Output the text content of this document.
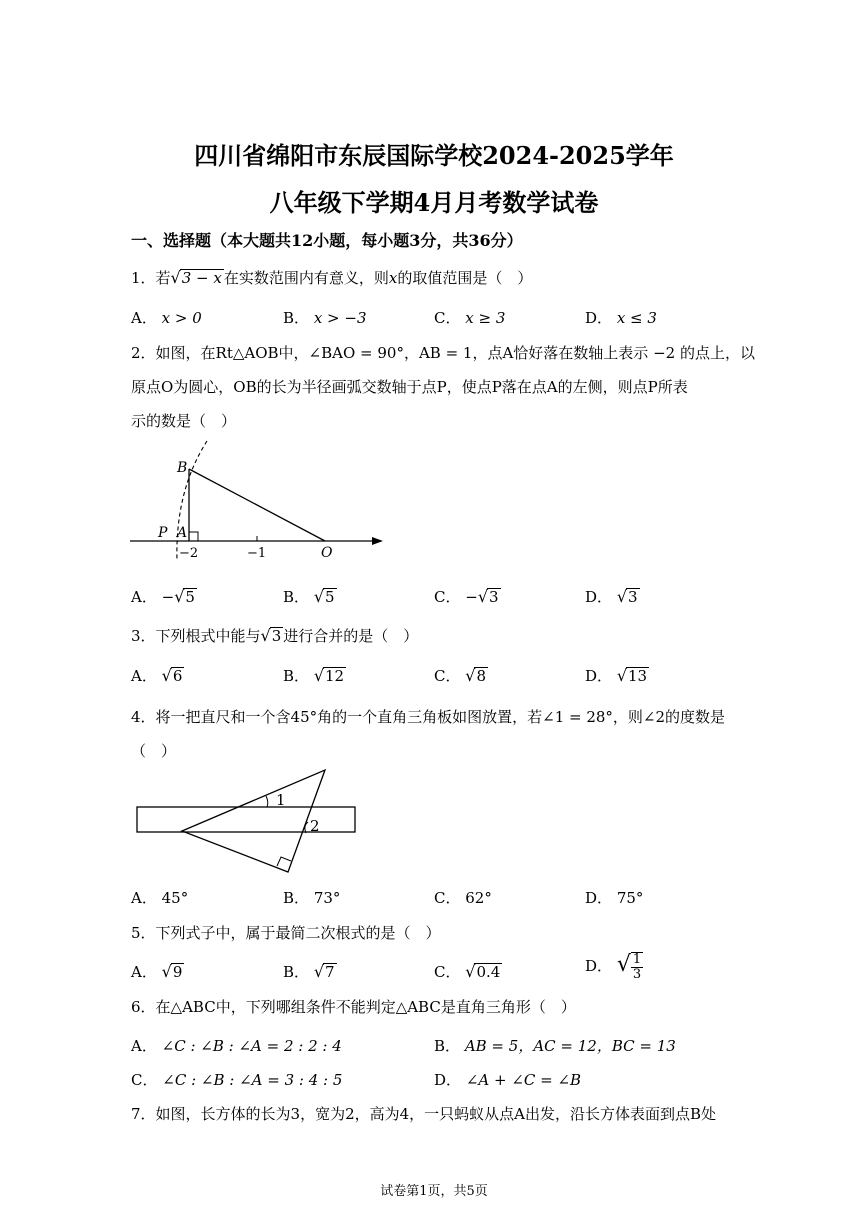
四川省绵阳市东辰国际学校2024-2025学年
八年级下学期4月月考数学试卷
一、选择题（本大题共12小题，每小题3分，共36分）
1．若√3 − x 在实数范围内有意义，则x的取值范围是（　）
A． x > 0	B． x > −3	C． x ≥ 3	D． x ≤ 3
2．如图，在Rt△AOB中，∠BAO = 90°，AB = 1，点A恰好落在数轴上表示 −2 的点上，以
原点O为圆心，OB的长为半径画弧交数轴于点P，使点P落在点A的左侧，则点P所表
示的数是（　）
B
P A
O
−2	−1
A． −√5	B． √5	C． −√3	D． √3
3．下列根式中能与√3 进行合并的是（　）
A． √6	B． √12	C． √8	D． √13
4．将一把直尺和一个含45°角的一个直角三角板如图放置，若∠1 = 28°，则∠2的度数是
（　）
1
2
A． 45°	B． 73°	C． 62°	D． 75°
5．下列式子中，属于最简二次根式的是（　）
A． √9	B． √7	C． √0.4	D． √ $\frac{1}{3}$
6．在△ABC中，下列哪组条件不能判定△ABC是直角三角形（　）
A． ∠C : ∠B : ∠A = 2 : 2 : 4	B． AB = 5，AC = 12，BC = 13
C． ∠C : ∠B : ∠A = 3 : 4 : 5	D． ∠A + ∠C = ∠B
7．如图，长方体的长为3，宽为2，高为4，一只蚂蚁从点A出发，沿长方体表面到点B处
试卷第1页，共5页
